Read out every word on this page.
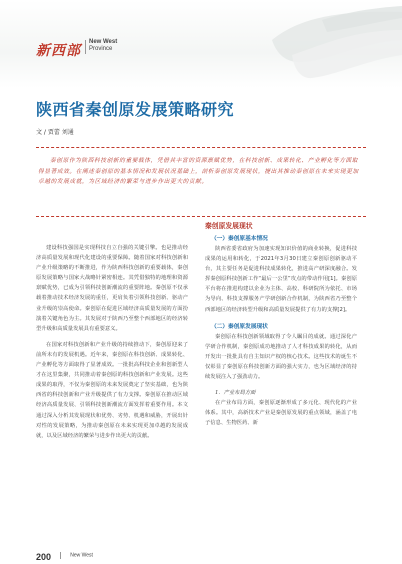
新西部
New West
Province
陕西省秦创原发展策略研究
文 / 贾蕾 刘通

秦创原作为陕西科技创新的重要载体，凭借其丰富的资源禀赋优势，在科技创新、成果转化、产业孵化等方面取得显著成效。在阐述秦创原的基本情况和发展状况基础上，剖析秦创原发展现状，提出其推动秦创原在未来实现更加卓越的发展成就，为区域经济的繁荣与进步作出更大的贡献。

建设科技强国是实现科技自立自强的关键引擎。也是推动经济高质量发展和现代化建设的重要保障。随着国家对科技创新和产业升级策略的不断推进，作为陕西科技创新的重要载体，秦创原发展策略与国家大战略针紧密相连。其凭借独特的地理和资源禀赋优势，已成为引领科技创新潮流的重要阵地。秦创原不仅承载着推动技术经济发展的重任，更肩负着引领科技创新、驱动产业升级的崇高使命。秦创原在促进区域经济高质量发展的方面扮演着关键角色为主。其发展对于陕西乃至整个西部地区的经济转型升级和高质量发展具有重要意义。

在国家对科技创新和产业升级的持续推动下，秦创原迎来了前所未有的发展机遇。近年来，秦创原在科技创新、成果转化、产业孵化等方面取得了显著成效。一批批高科技企业和创新型人才在这里集聚，共同推动着秦创原的科技创新和产业发展。这些成果的取得，不仅为秦创原的未来发展奠定了坚实基础，也为陕西省的科技创新和产业升级提供了有力支撑。秦创原在推动区域经济高质量发展、引领科技创新潮流方面发挥着重要作用。本文通过深入分析其发展现状和优势、劣势、机遇和威胁，开展出针对性的发展策略，为推动秦创原在未来实现更加卓越的发展成就，以及区域经济的繁荣与进步作出更大的贡献。

秦创原发展现状

（一）秦创原基本情况

陕西省委省政府为加速实现知识价值的商业转换，促进科技成果的运用和转化，于2021年3月30日建立秦创原创新驱动平台，其主要任务是促进科技成果转化，推进高产研深度融合。发挥秦创原科技创新工作“最后一公里”攻点的带动作用[1]。秦创原平台将在推进构建以企业为主体、高校、科研院所为依托、市场为导向、科技支撑服务产学研创新合作机制，为陕西省乃至整个西部地区的经济转型升级和高质量发展提供了有力的支撑[2]。

（二）秦创原发展现状

秦创原在科技创新领域取得了令人瞩目的成就。通过深化产学研合作机制，秦创原成功地推动了人才科技成果的转化，从而开发出一批批具有自主知识产权的核心技术。这些技术的诞生不仅彰显了秦创原在科技创新方面的强大实力，也为区域经济的持续发展注入了强劲动力。

1．产业布局方面

在产业布局方面，秦创原逐渐形成了多元化、现代化的产业体系。其中，高新技术产业是秦创原发展的重点领域，涵盖了电子信息、生物医药、新

200	New West
